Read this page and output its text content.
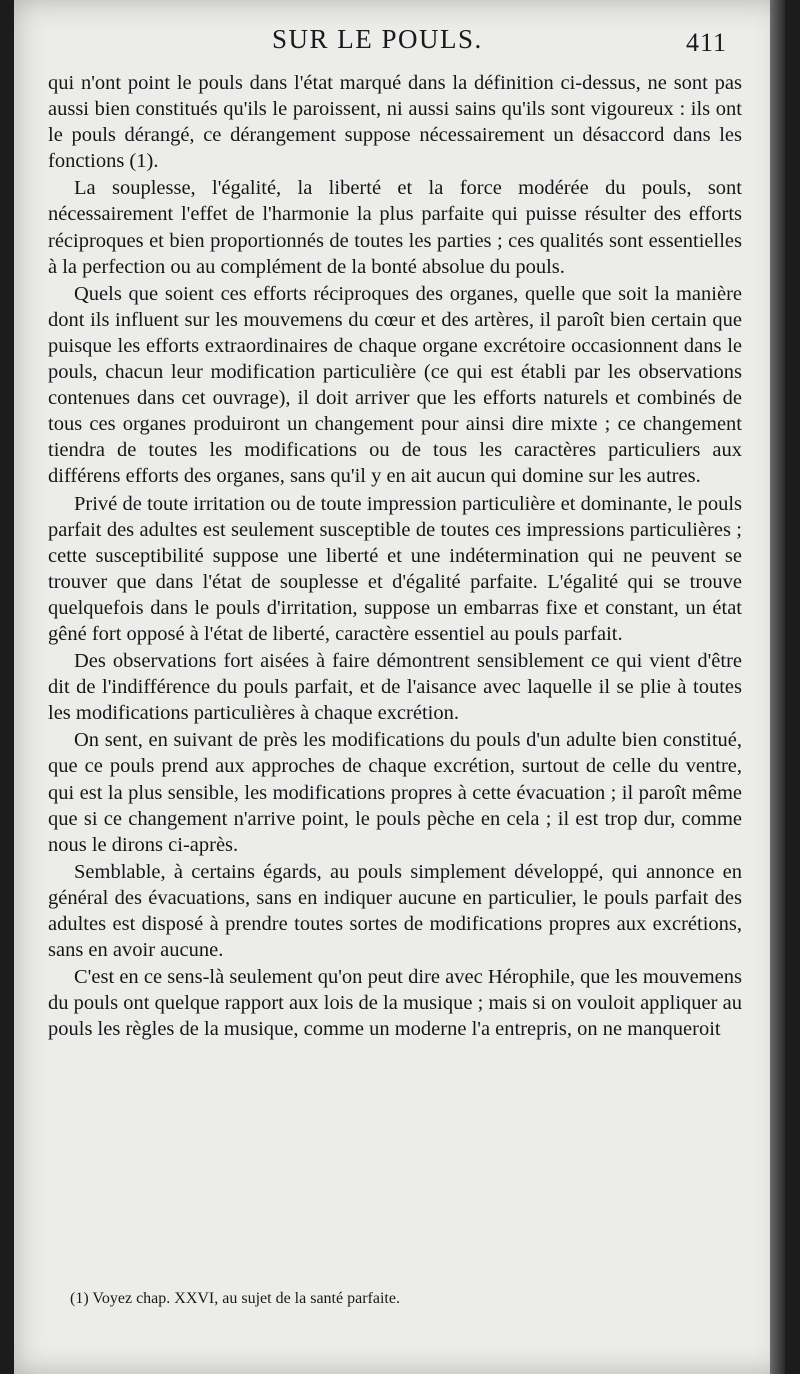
SUR LE POULS.	411

qui n'ont point le pouls dans l'état marqué dans la définition ci-dessus, ne sont pas aussi bien constitués qu'ils le paroissent, ni aussi sains qu'ils sont vigoureux : ils ont le pouls dérangé, ce dérangement suppose nécessairement un désaccord dans les fonctions (1).

La souplesse, l'égalité, la liberté et la force modérée du pouls, sont nécessairement l'effet de l'harmonie la plus parfaite qui puisse résulter des efforts réciproques et bien proportionnés de toutes les parties ; ces qualités sont essentielles à la perfection ou au complément de la bonté absolue du pouls.

Quels que soient ces efforts réciproques des organes, quelle que soit la manière dont ils influent sur les mouvemens du cœur et des artères, il paroît bien certain que puisque les efforts extraordinaires de chaque organe excrétoire occasionnent dans le pouls, chacun leur modification particulière (ce qui est établi par les observations contenues dans cet ouvrage), il doit arriver que les efforts naturels et combinés de tous ces organes produiront un changement pour ainsi dire mixte ; ce changement tiendra de toutes les modifications ou de tous les caractères particuliers aux différens efforts des organes, sans qu'il y en ait aucun qui domine sur les autres.

Privé de toute irritation ou de toute impression particulière et dominante, le pouls parfait des adultes est seulement susceptible de toutes ces impressions particulières ; cette susceptibilité suppose une liberté et une indétermination qui ne peuvent se trouver que dans l'état de souplesse et d'égalité parfaite. L'égalité qui se trouve quelquefois dans le pouls d'irritation, suppose un embarras fixe et constant, un état gêné fort opposé à l'état de liberté, caractère essentiel au pouls parfait.

Des observations fort aisées à faire démontrent sensiblement ce qui vient d'être dit de l'indifférence du pouls parfait, et de l'aisance avec laquelle il se plie à toutes les modifications particulières à chaque excrétion.

On sent, en suivant de près les modifications du pouls d'un adulte bien constitué, que ce pouls prend aux approches de chaque excrétion, surtout de celle du ventre, qui est la plus sensible, les modifications propres à cette évacuation ; il paroît même que si ce changement n'arrive point, le pouls pèche en cela ; il est trop dur, comme nous le dirons ci-après.

Semblable, à certains égards, au pouls simplement développé, qui annonce en général des évacuations, sans en indiquer aucune en particulier, le pouls parfait des adultes est disposé à prendre toutes sortes de modifications propres aux excrétions, sans en avoir aucune.

C'est en ce sens-là seulement qu'on peut dire avec Hérophile, que les mouvemens du pouls ont quelque rapport aux lois de la musique ; mais si on vouloit appliquer au pouls les règles de la musique, comme un moderne l'a entrepris, on ne manqueroit

(1) Voyez chap. XXVI, au sujet de la santé parfaite.
